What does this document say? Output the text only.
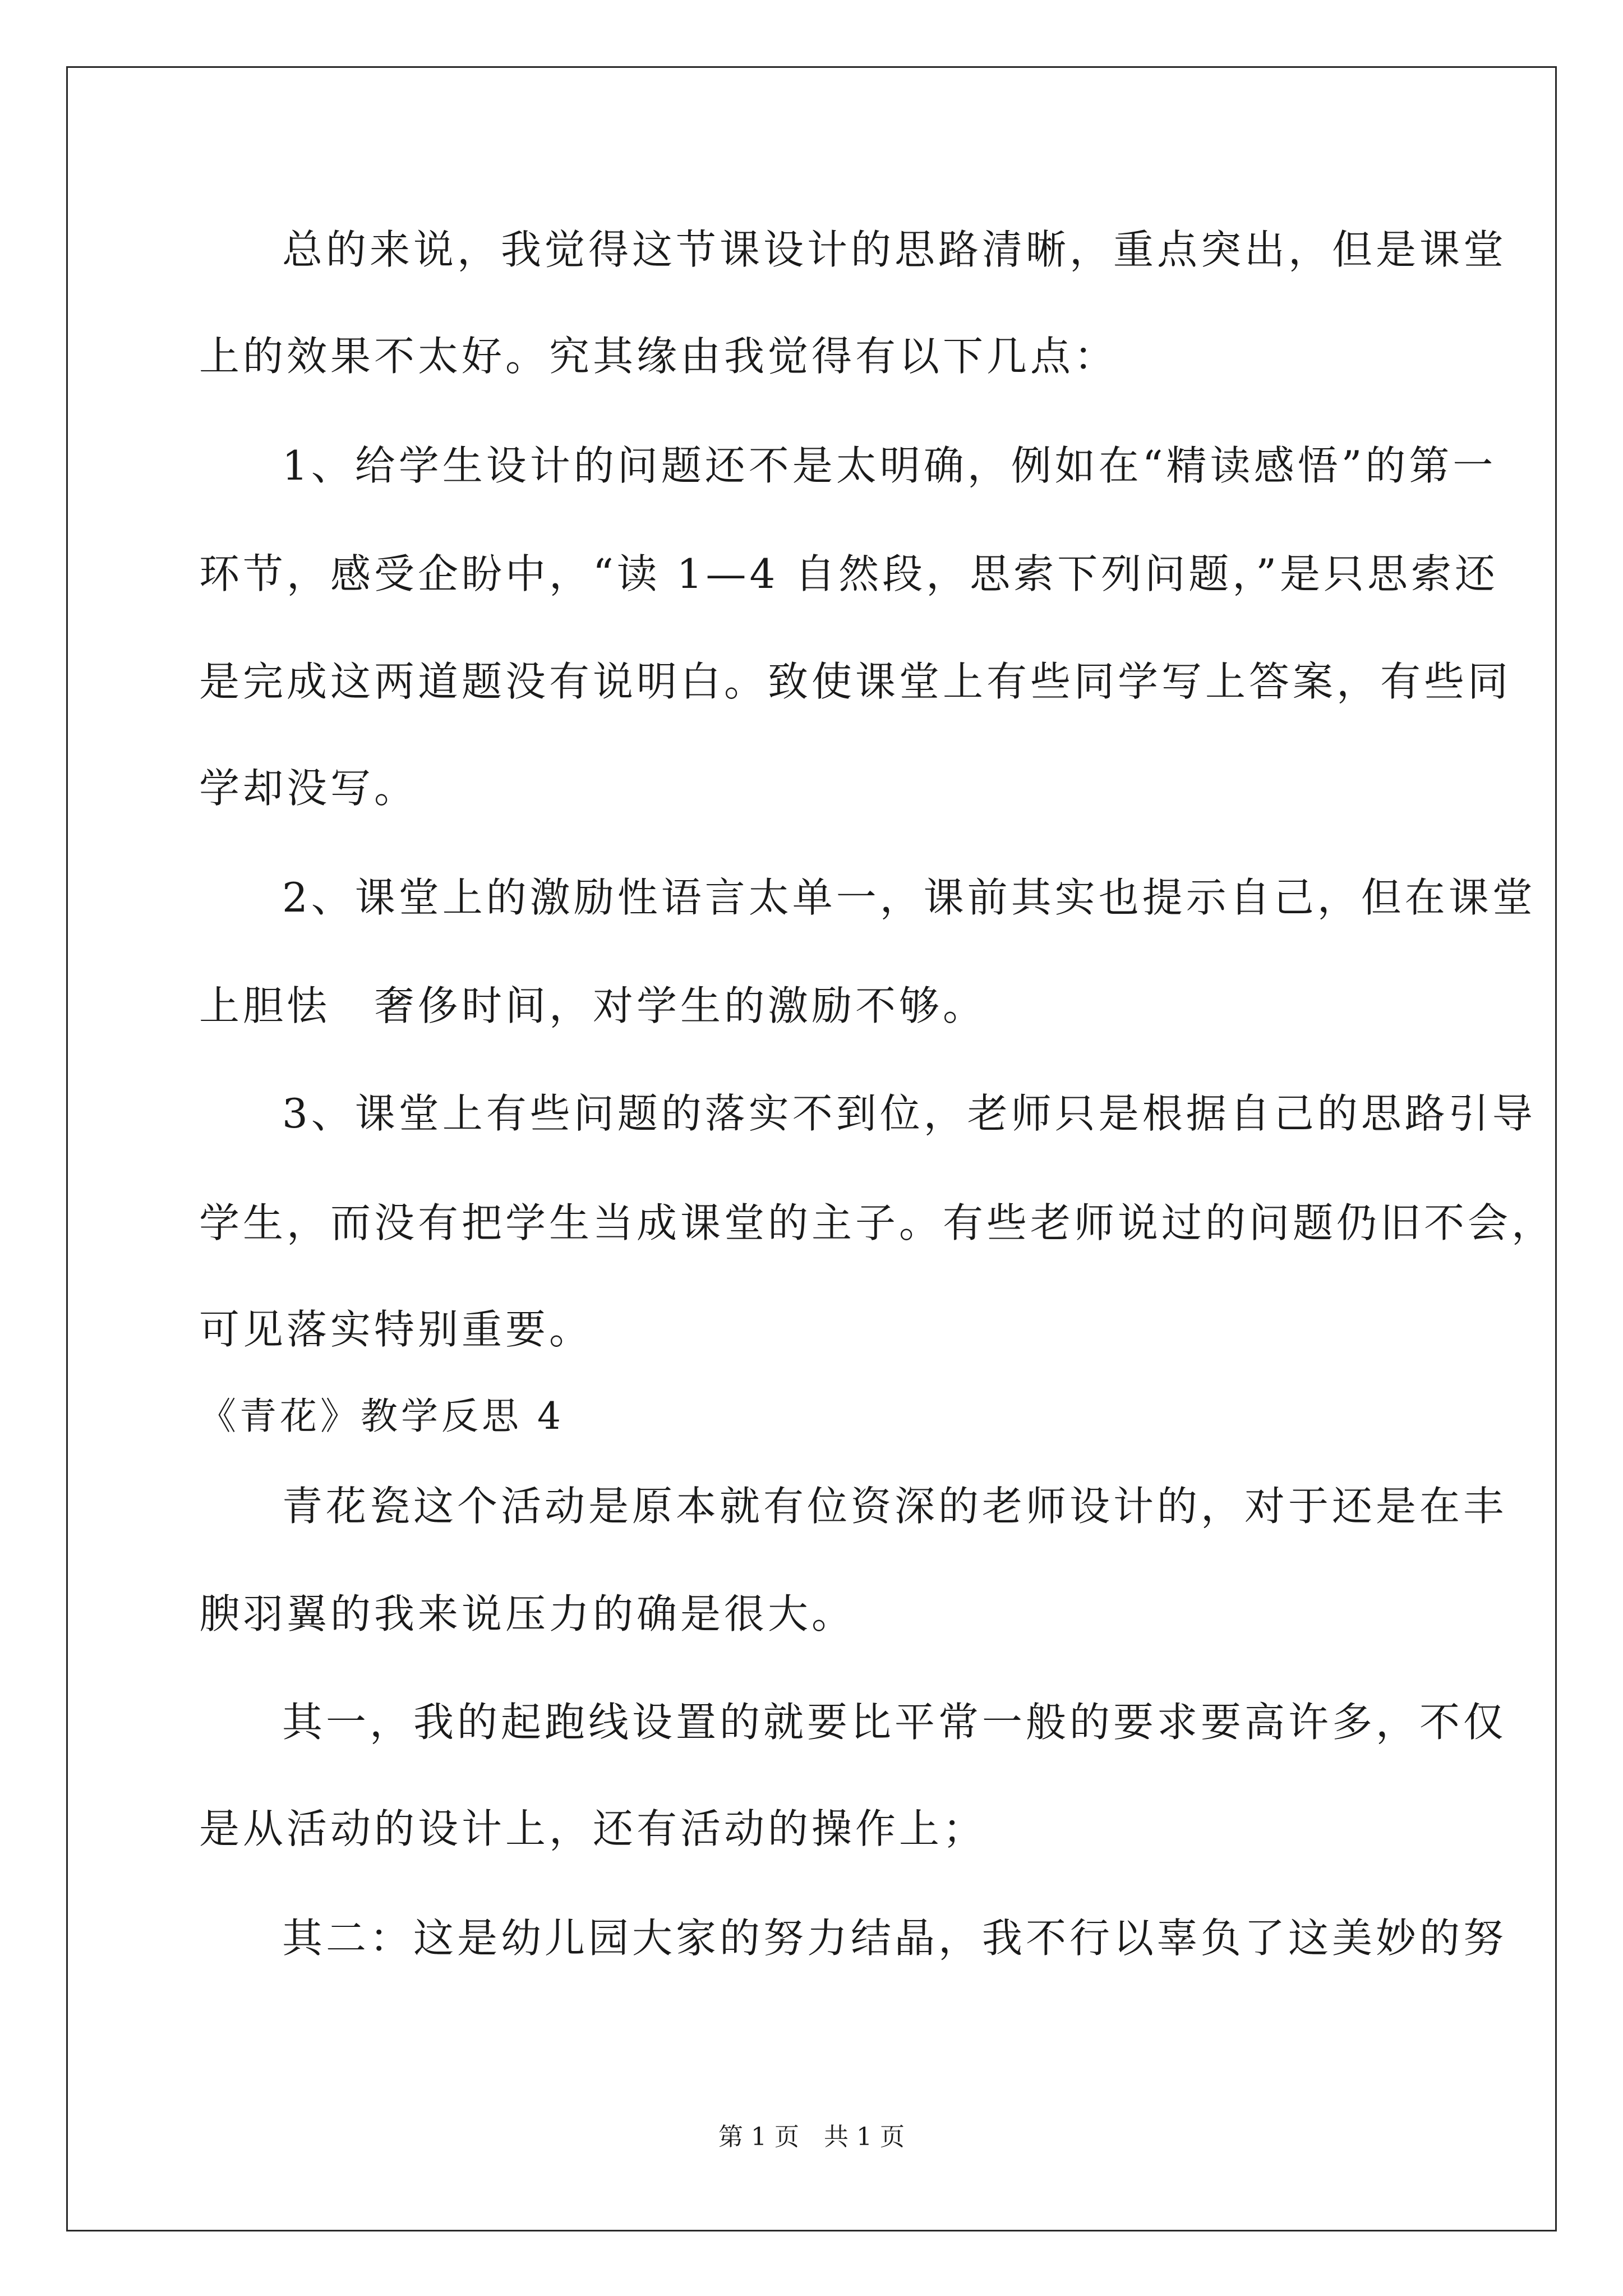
总的来说，我觉得这节课设计的思路清晰，重点突出，但是课堂
上的效果不太好。究其缘由我觉得有以下几点：
1、给学生设计的问题还不是太明确，例如在“精读感悟”的第一
环节，感受企盼中，“读 1—4 自然段，思索下列问题，”是只思索还
是完成这两道题没有说明白。致使课堂上有些同学写上答案，有些同
学却没写。
2、课堂上的激励性语言太单一，课前其实也提示自己，但在课堂
上胆怯　奢侈时间，对学生的激励不够。
3、课堂上有些问题的落实不到位，老师只是根据自己的思路引导
学生，而没有把学生当成课堂的主子。有些老师说过的问题仍旧不会，
可见落实特别重要。
《青花》教学反思 4
青花瓷这个活动是原本就有位资深的老师设计的，对于还是在丰
腴羽翼的我来说压力的确是很大。
其一，我的起跑线设置的就要比平常一般的要求要高许多，不仅
是从活动的设计上，还有活动的操作上；
其二：这是幼儿园大家的努力结晶，我不行以辜负了这美妙的努
第 1 页　共 1 页
